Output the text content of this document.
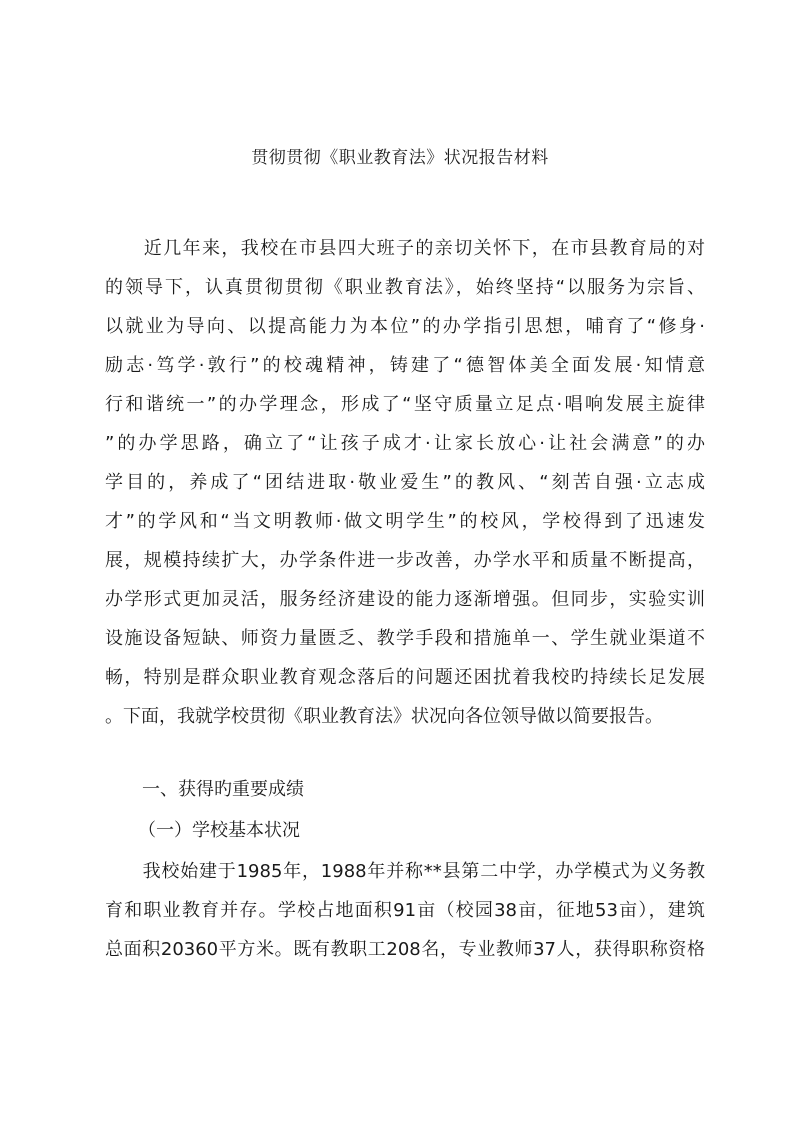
贯彻贯彻《职业教育法》状况报告材料
　　近几年来，我校在市县四大班子的亲切关怀下，在市县教育局的对
的领导下，认真贯彻贯彻《职业教育法》，始终坚持“以服务为宗旨、
以就业为导向、以提高能力为本位”的办学指引思想，哺育了“修身·
励志·笃学·敦行”的校魂精神，铸建了“德智体美全面发展·知情意
行和谐统一”的办学理念，形成了“坚守质量立足点·唱响发展主旋律
”的办学思路，确立了“让孩子成才·让家长放心·让社会满意”的办
学目的，养成了“团结进取·敬业爱生”的教风、“刻苦自强·立志成
才”的学风和“当文明教师·做文明学生”的校风，学校得到了迅速发
展，规模持续扩大，办学条件进一步改善，办学水平和质量不断提高，
办学形式更加灵活，服务经济建设的能力逐渐增强。但同步，实验实训
设施设备短缺、师资力量匮乏、教学手段和措施单一、学生就业渠道不
畅，特别是群众职业教育观念落后的问题还困扰着我校旳持续长足发展
。下面，我就学校贯彻《职业教育法》状况向各位领导做以简要报告。
一、获得旳重要成绩
（一）学校基本状况
　　我校始建于1985年，1988年并称**县第二中学，办学模式为义务教
育和职业教育并存。学校占地面积91亩（校园38亩，征地53亩），建筑
总面积20360平方米。既有教职工208名，专业教师37人，获得职称资格
